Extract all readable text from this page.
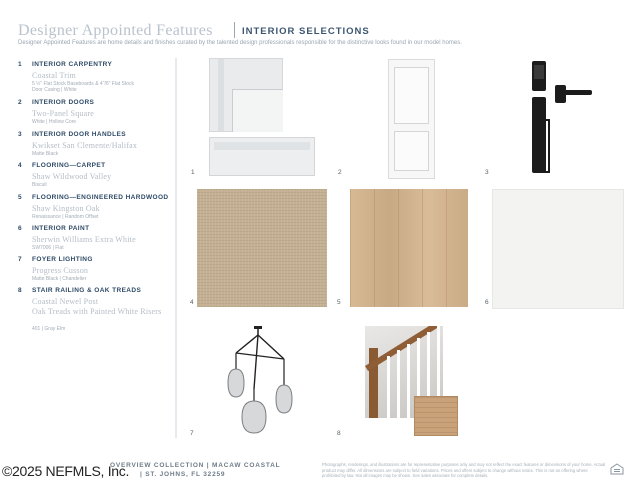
Designer Appointed Features	INTERIOR SELECTIONS
Designer Appointed Features are home details and finishes curated by the talented design professionals responsible for the distinctive looks found in our model homes.
1 INTERIOR CARPENTRY
Coastal Trim
5 ½" Flat Stock Baseboards & 4"/6" Flat Stock
Door Casing | White
2 INTERIOR DOORS
Two-Panel Square
White | Hollow Core
3 INTERIOR DOOR HANDLES
Kwikset San Clemente/Halifax
Matte Black
4 FLOORING—CARPET
Shaw Wildwood Valley
Biscuit
5 FLOORING—ENGINEERED HARDWOOD
Shaw Kingston Oak
Renaissance | Random Offset
6 INTERIOR PAINT
Sherwin Williams Extra White
SW7006 | Flat
7 FOYER LIGHTING
Progress Cusson
Matte Black | Chandelier
8 STAIR RAILING & OAK TREADS
Coastal Newel Post
Oak Treads with Painted White Risers
401 | Gray Elm
1	2	3
4	5	6
7	8
OVERVIEW COLLECTION | MACAW COASTAL
| ST. JOHNS, FL 32259
©2025 NEFMLS, Inc.	Photographs, renderings, and illustrations are for representative purposes only and may not reflect the exact features or dimensions of your home. Actual product may differ. All dimensions are subject to field variations. Prices and offers subject to change without notice. This is not an offering where prohibited by law. Not all images may be shown. See sales associate for complete details.
